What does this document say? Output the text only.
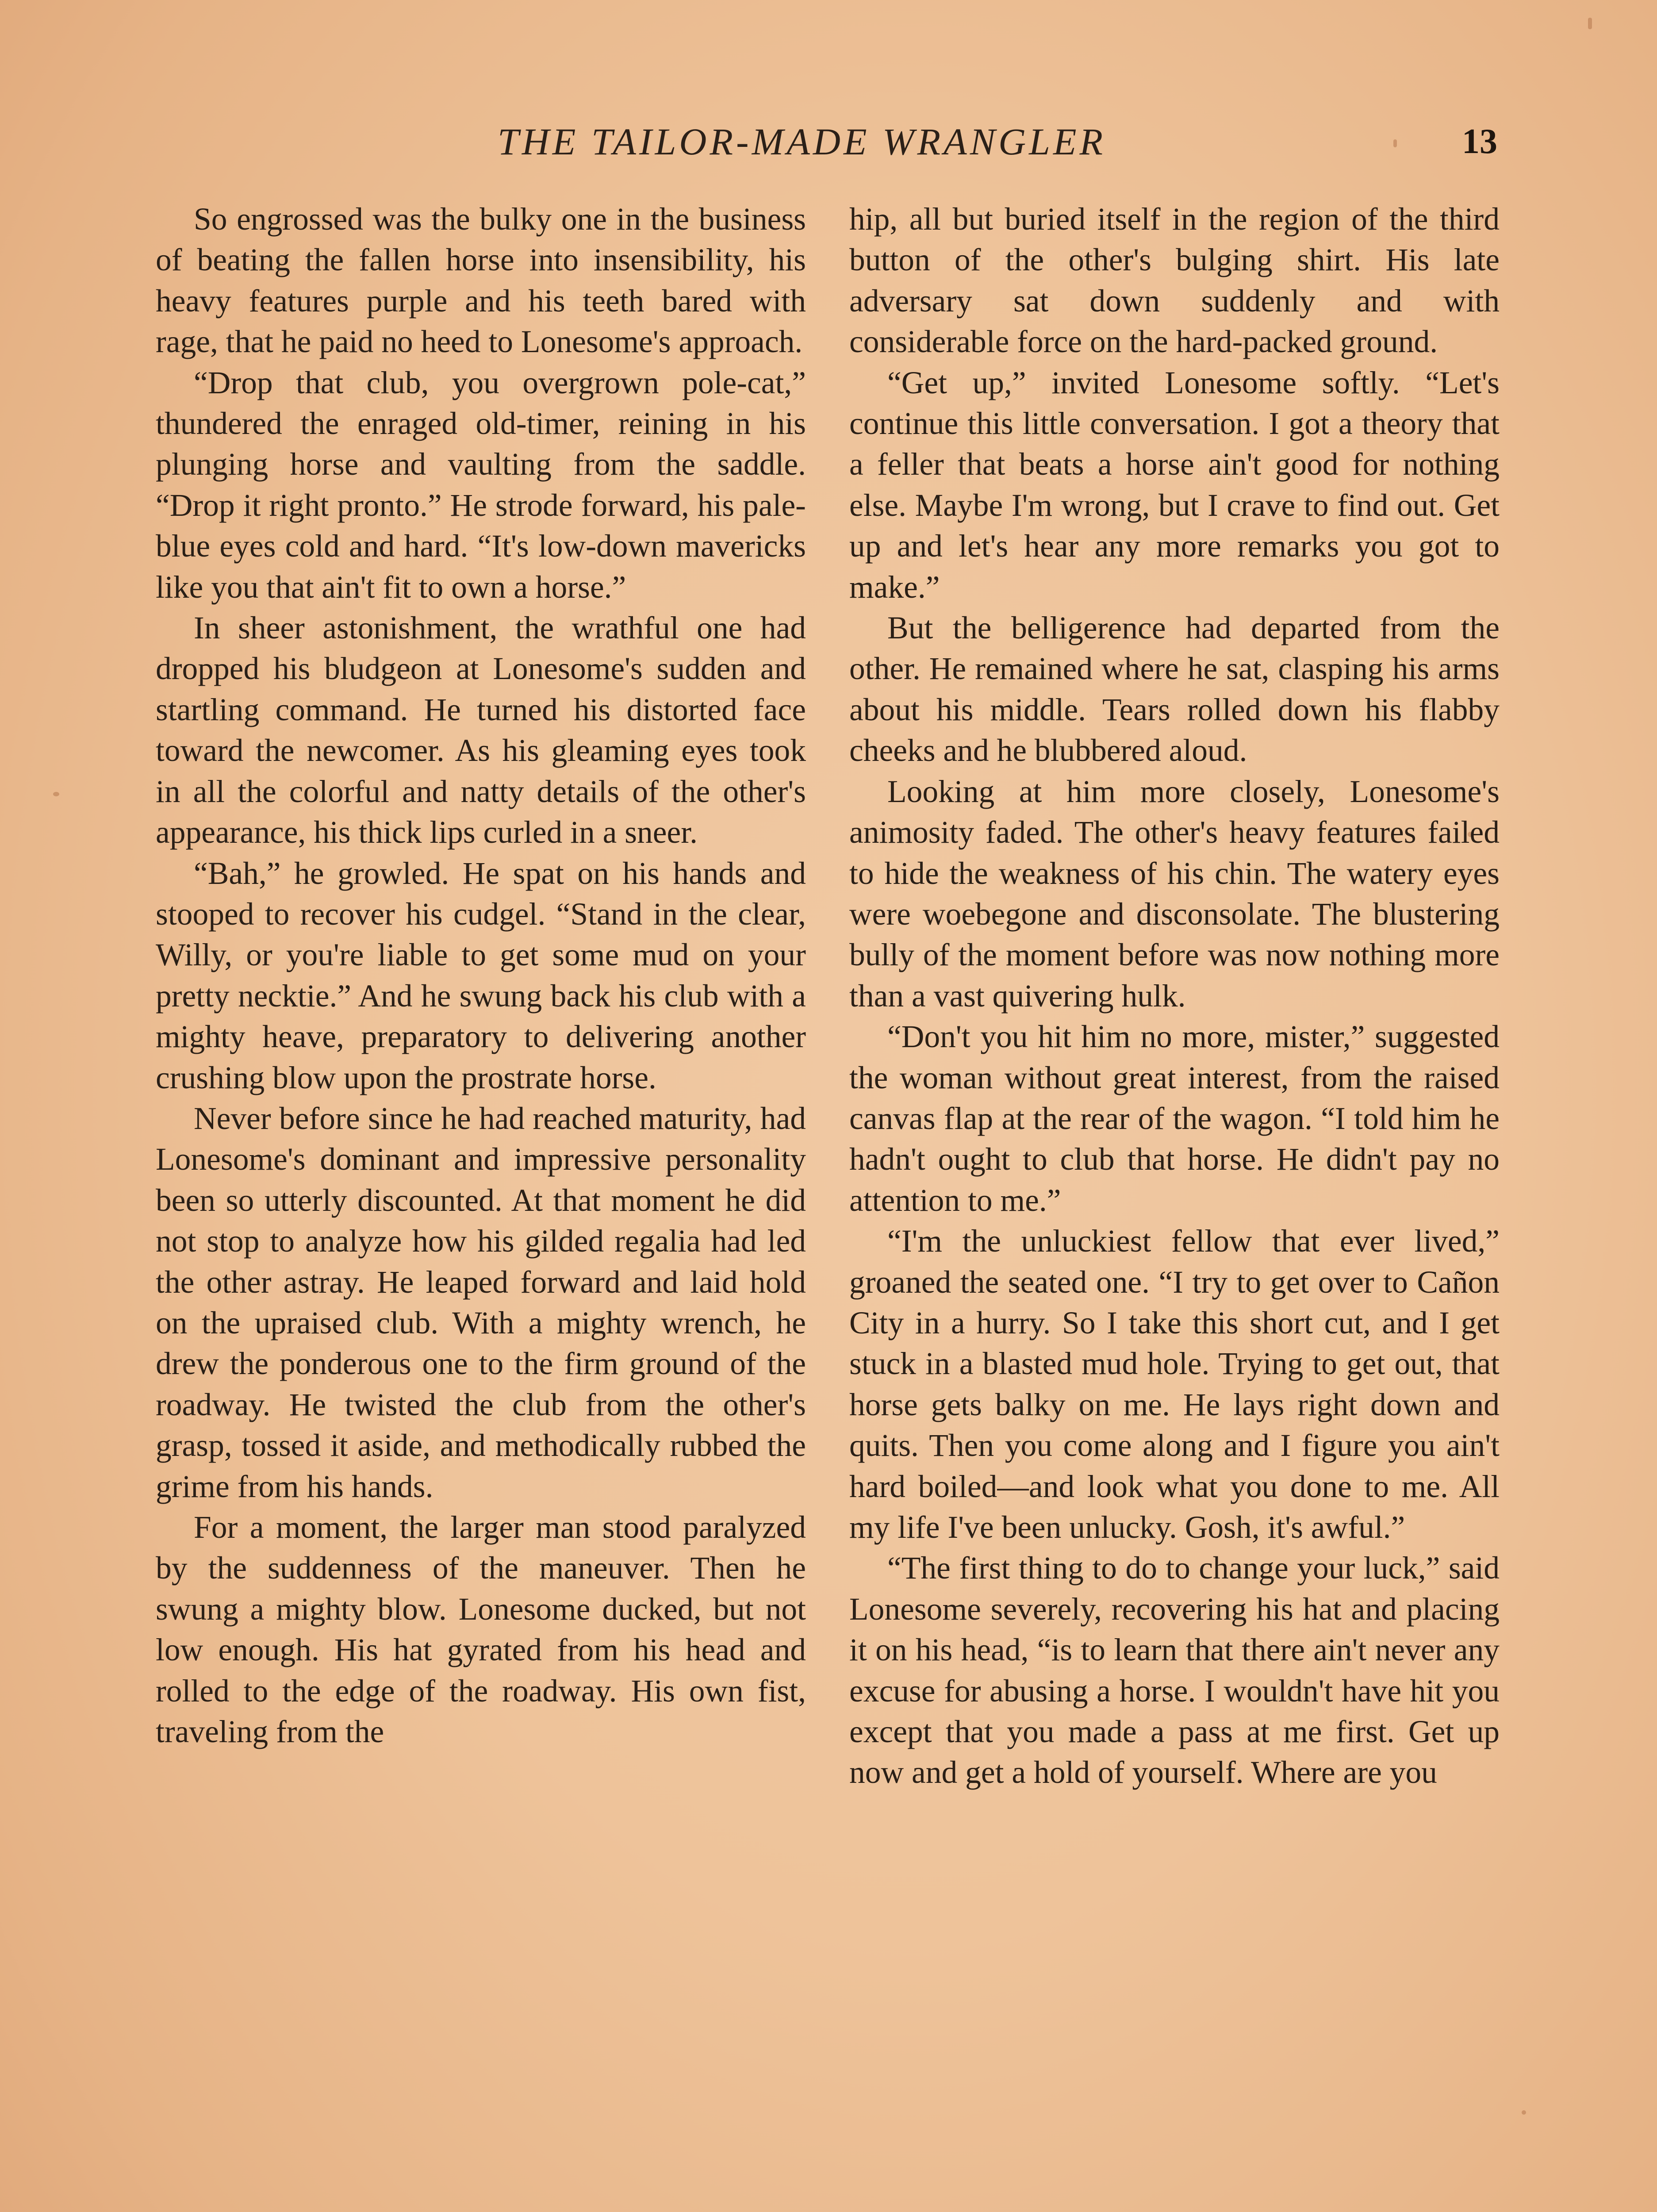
THE TAILOR-MADE WRANGLER	13

So engrossed was the bulky one in the business of beating the fallen horse into insensibility, his heavy features purple and his teeth bared with rage, that he paid no heed to Lonesome's approach.

“Drop that club, you overgrown pole-cat,” thundered the enraged old-timer, reining in his plunging horse and vaulting from the saddle. “Drop it right pronto.” He strode forward, his pale-blue eyes cold and hard. “It's low-down mavericks like you that ain't fit to own a horse.”

In sheer astonishment, the wrathful one had dropped his bludgeon at Lonesome's sudden and startling command. He turned his distorted face toward the newcomer. As his gleaming eyes took in all the colorful and natty details of the other's appearance, his thick lips curled in a sneer.

“Bah,” he growled. He spat on his hands and stooped to recover his cudgel. “Stand in the clear, Willy, or you're liable to get some mud on your pretty necktie.” And he swung back his club with a mighty heave, preparatory to delivering another crushing blow upon the prostrate horse.

Never before since he had reached maturity, had Lonesome's dominant and impressive personality been so utterly discounted. At that moment he did not stop to analyze how his gilded regalia had led the other astray. He leaped forward and laid hold on the upraised club. With a mighty wrench, he drew the ponderous one to the firm ground of the roadway. He twisted the club from the other's grasp, tossed it aside, and methodically rubbed the grime from his hands.

For a moment, the larger man stood paralyzed by the suddenness of the maneuver. Then he swung a mighty blow. Lonesome ducked, but not low enough. His hat gyrated from his head and rolled to the edge of the roadway. His own fist, traveling from the

hip, all but buried itself in the region of the third button of the other's bulging shirt. His late adversary sat down suddenly and with considerable force on the hard-packed ground.

“Get up,” invited Lonesome softly. “Let's continue this little conversation. I got a theory that a feller that beats a horse ain't good for nothing else. Maybe I'm wrong, but I crave to find out. Get up and let's hear any more remarks you got to make.”

But the belligerence had departed from the other. He remained where he sat, clasping his arms about his middle. Tears rolled down his flabby cheeks and he blubbered aloud.

Looking at him more closely, Lonesome's animosity faded. The other's heavy features failed to hide the weakness of his chin. The watery eyes were woebegone and disconsolate. The blustering bully of the moment before was now nothing more than a vast quivering hulk.

“Don't you hit him no more, mister,” suggested the woman without great interest, from the raised canvas flap at the rear of the wagon. “I told him he hadn't ought to club that horse. He didn't pay no attention to me.”

“I'm the unluckiest fellow that ever lived,” groaned the seated one. “I try to get over to Cañon City in a hurry. So I take this short cut, and I get stuck in a blasted mud hole. Trying to get out, that horse gets balky on me. He lays right down and quits. Then you come along and I figure you ain't hard boiled—and look what you done to me. All my life I've been unlucky. Gosh, it's awful.”

“The first thing to do to change your luck,” said Lonesome severely, recovering his hat and placing it on his head, “is to learn that there ain't never any excuse for abusing a horse. I wouldn't have hit you except that you made a pass at me first. Get up now and get a hold of yourself. Where are you
